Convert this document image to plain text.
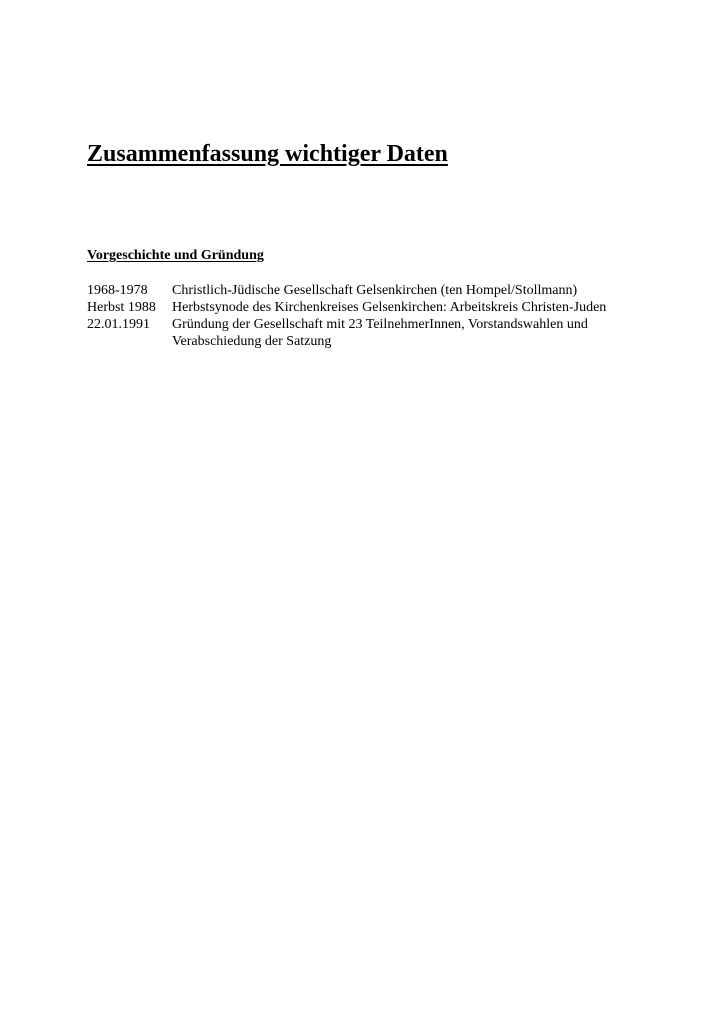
Zusammenfassung wichtiger Daten
Vorgeschichte und Gründung
1968-1978	Christlich-Jüdische Gesellschaft Gelsenkirchen (ten Hompel/Stollmann)
Herbst 1988	Herbstsynode des Kirchenkreises Gelsenkirchen: Arbeitskreis Christen-Juden
22.01.1991	Gründung der Gesellschaft mit 23 TeilnehmerInnen, Vorstandswahlen und Verabschiedung der Satzung
